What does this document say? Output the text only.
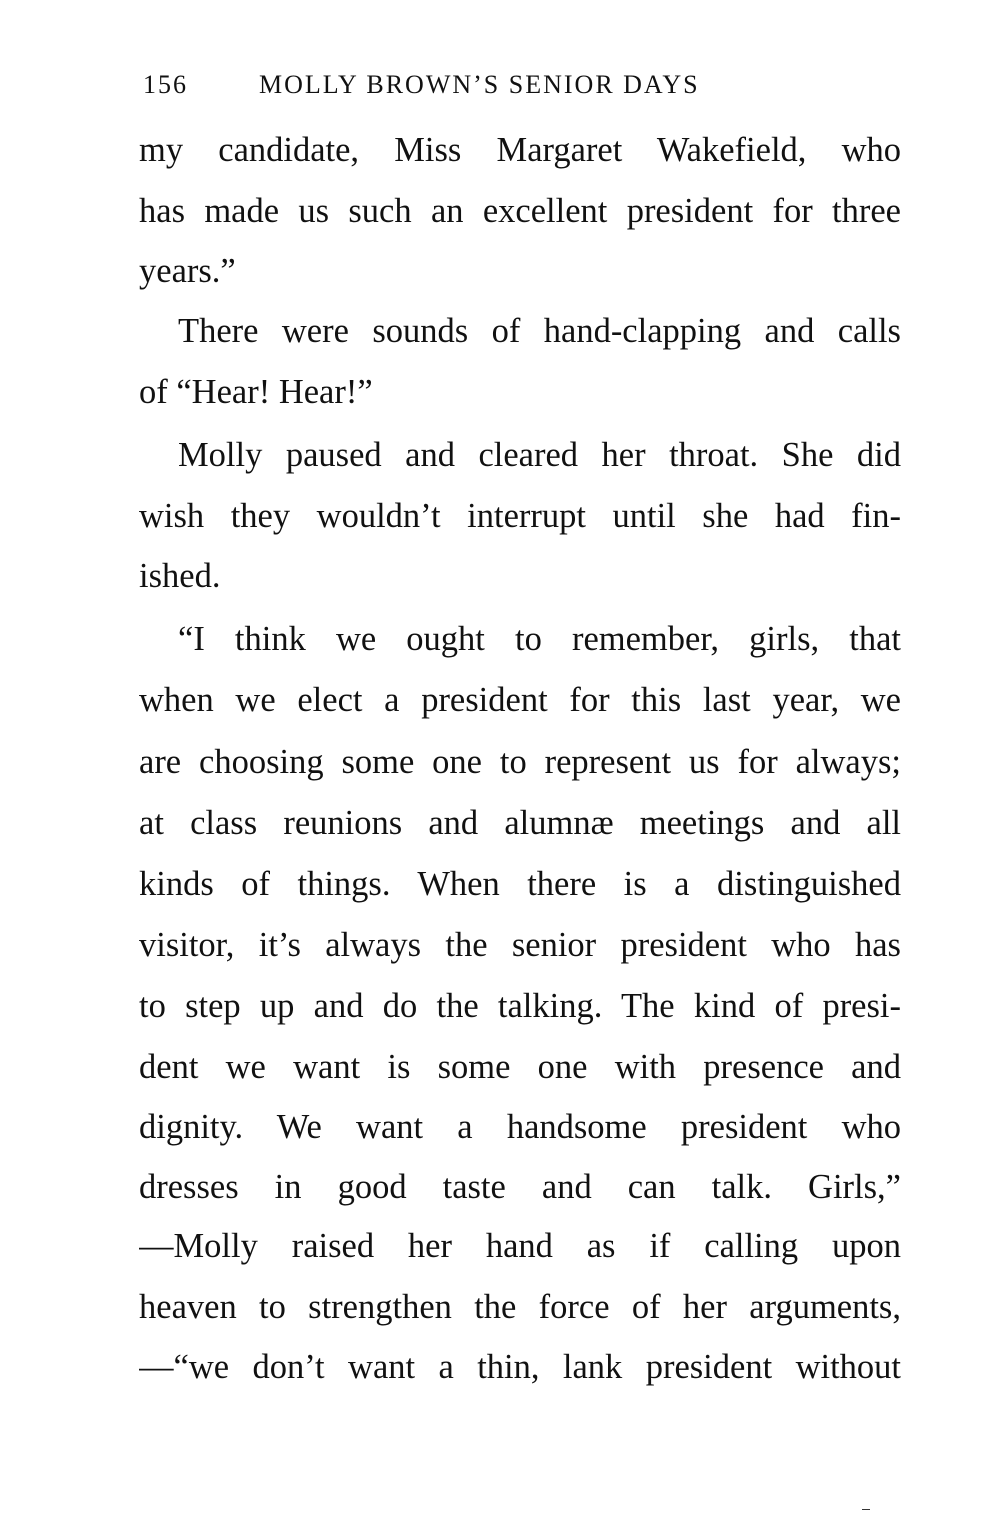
156	MOLLY BROWN’S SENIOR DAYS
my candidate, Miss Margaret Wakefield, who
has made us such an excellent president for three
years.”
There were sounds of hand-clapping and calls
of “Hear! Hear!”
Molly paused and cleared her throat. She did
wish they wouldn’t interrupt until she had fin-
ished.
“I think we ought to remember, girls, that
when we elect a president for this last year, we
are choosing some one to represent us for always;
at class reunions and alumnæ meetings and all
kinds of things. When there is a distinguished
visitor, it’s always the senior president who has
to step up and do the talking. The kind of presi-
dent we want is some one with presence and
dignity. We want a handsome president who
dresses in good taste and can talk. Girls,”
—Molly raised her hand as if calling upon
heaven to strengthen the force of her arguments,
—“we don’t want a thin, lank president without
